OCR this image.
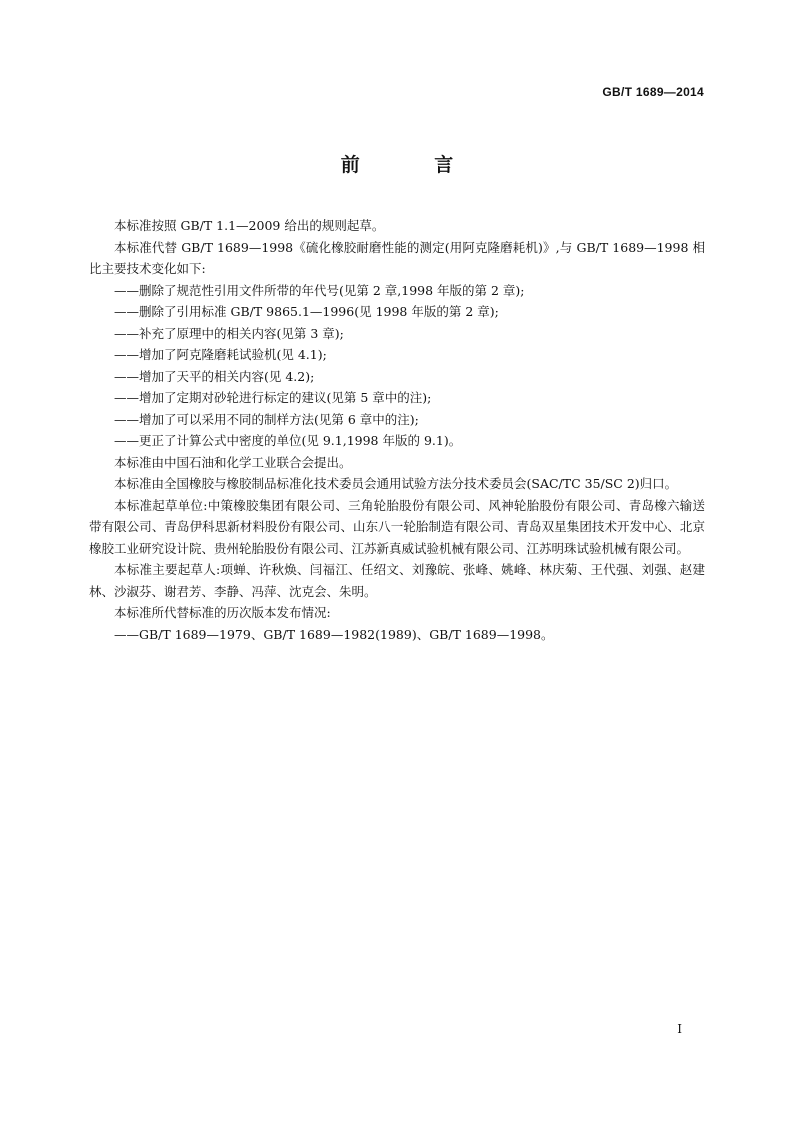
GB/T 1689—2014
前 言

本标准按照 GB/T 1.1—2009 给出的规则起草。

本标准代替 GB/T 1689—1998《硫化橡胶耐磨性能的测定(用阿克隆磨耗机)》,与 GB/T 1689—1998 相比主要技术变化如下:

——删除了规范性引用文件所带的年代号(见第 2 章,1998 年版的第 2 章);

——删除了引用标准 GB/T 9865.1—1996(见 1998 年版的第 2 章);

——补充了原理中的相关内容(见第 3 章);

——增加了阿克隆磨耗试验机(见 4.1);

——增加了天平的相关内容(见 4.2);

——增加了定期对砂轮进行标定的建议(见第 5 章中的注);

——增加了可以采用不同的制样方法(见第 6 章中的注);

——更正了计算公式中密度的单位(见 9.1,1998 年版的 9.1)。

本标准由中国石油和化学工业联合会提出。

本标准由全国橡胶与橡胶制品标准化技术委员会通用试验方法分技术委员会(SAC/TC 35/SC 2)归口。

本标准起草单位:中策橡胶集团有限公司、三角轮胎股份有限公司、风神轮胎股份有限公司、青岛橡六输送带有限公司、青岛伊科思新材料股份有限公司、山东八一轮胎制造有限公司、青岛双星集团技术开发中心、北京橡胶工业研究设计院、贵州轮胎股份有限公司、江苏新真威试验机械有限公司、江苏明珠试验机械有限公司。

本标准主要起草人:项蝉、许秋焕、闫福江、任绍文、刘豫皖、张峰、姚峰、林庆菊、王代强、刘强、赵建林、沙淑芬、谢君芳、李静、冯萍、沈克会、朱明。

本标准所代替标准的历次版本发布情况:

——GB/T 1689—1979、GB/T 1689—1982(1989)、GB/T 1689—1998。

I
